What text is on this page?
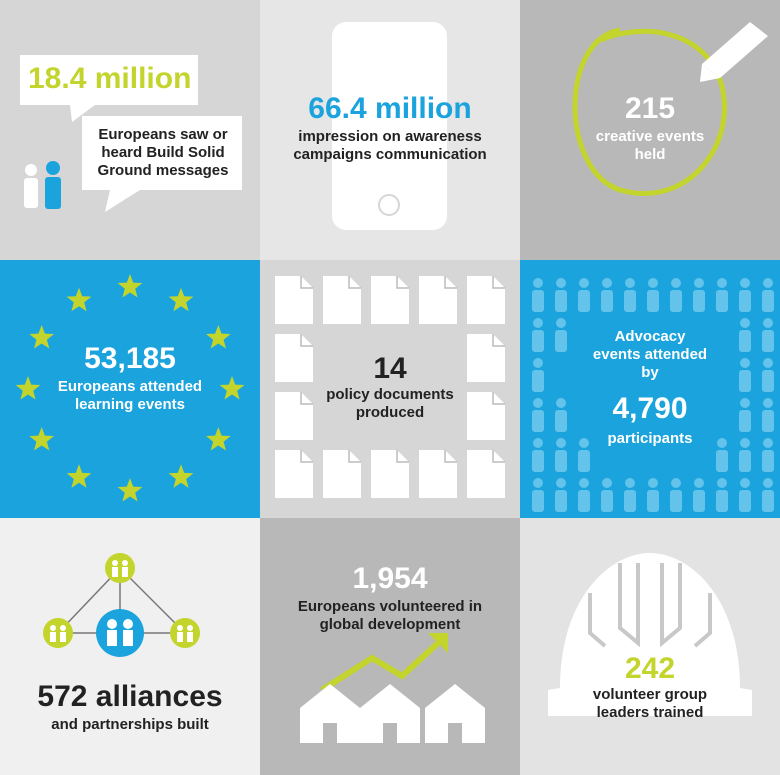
18.4 million
Europeans saw or heard Build Solid Ground messages
66.4 million
impression on awareness campaigns communication
215
creative events held
53,185
Europeans attended learning events
14
policy documents produced
Advocacy events attended by
4,790
participants
572 alliances
and partnerships built
1,954
Europeans volunteered in global development
242
volunteer group leaders trained
